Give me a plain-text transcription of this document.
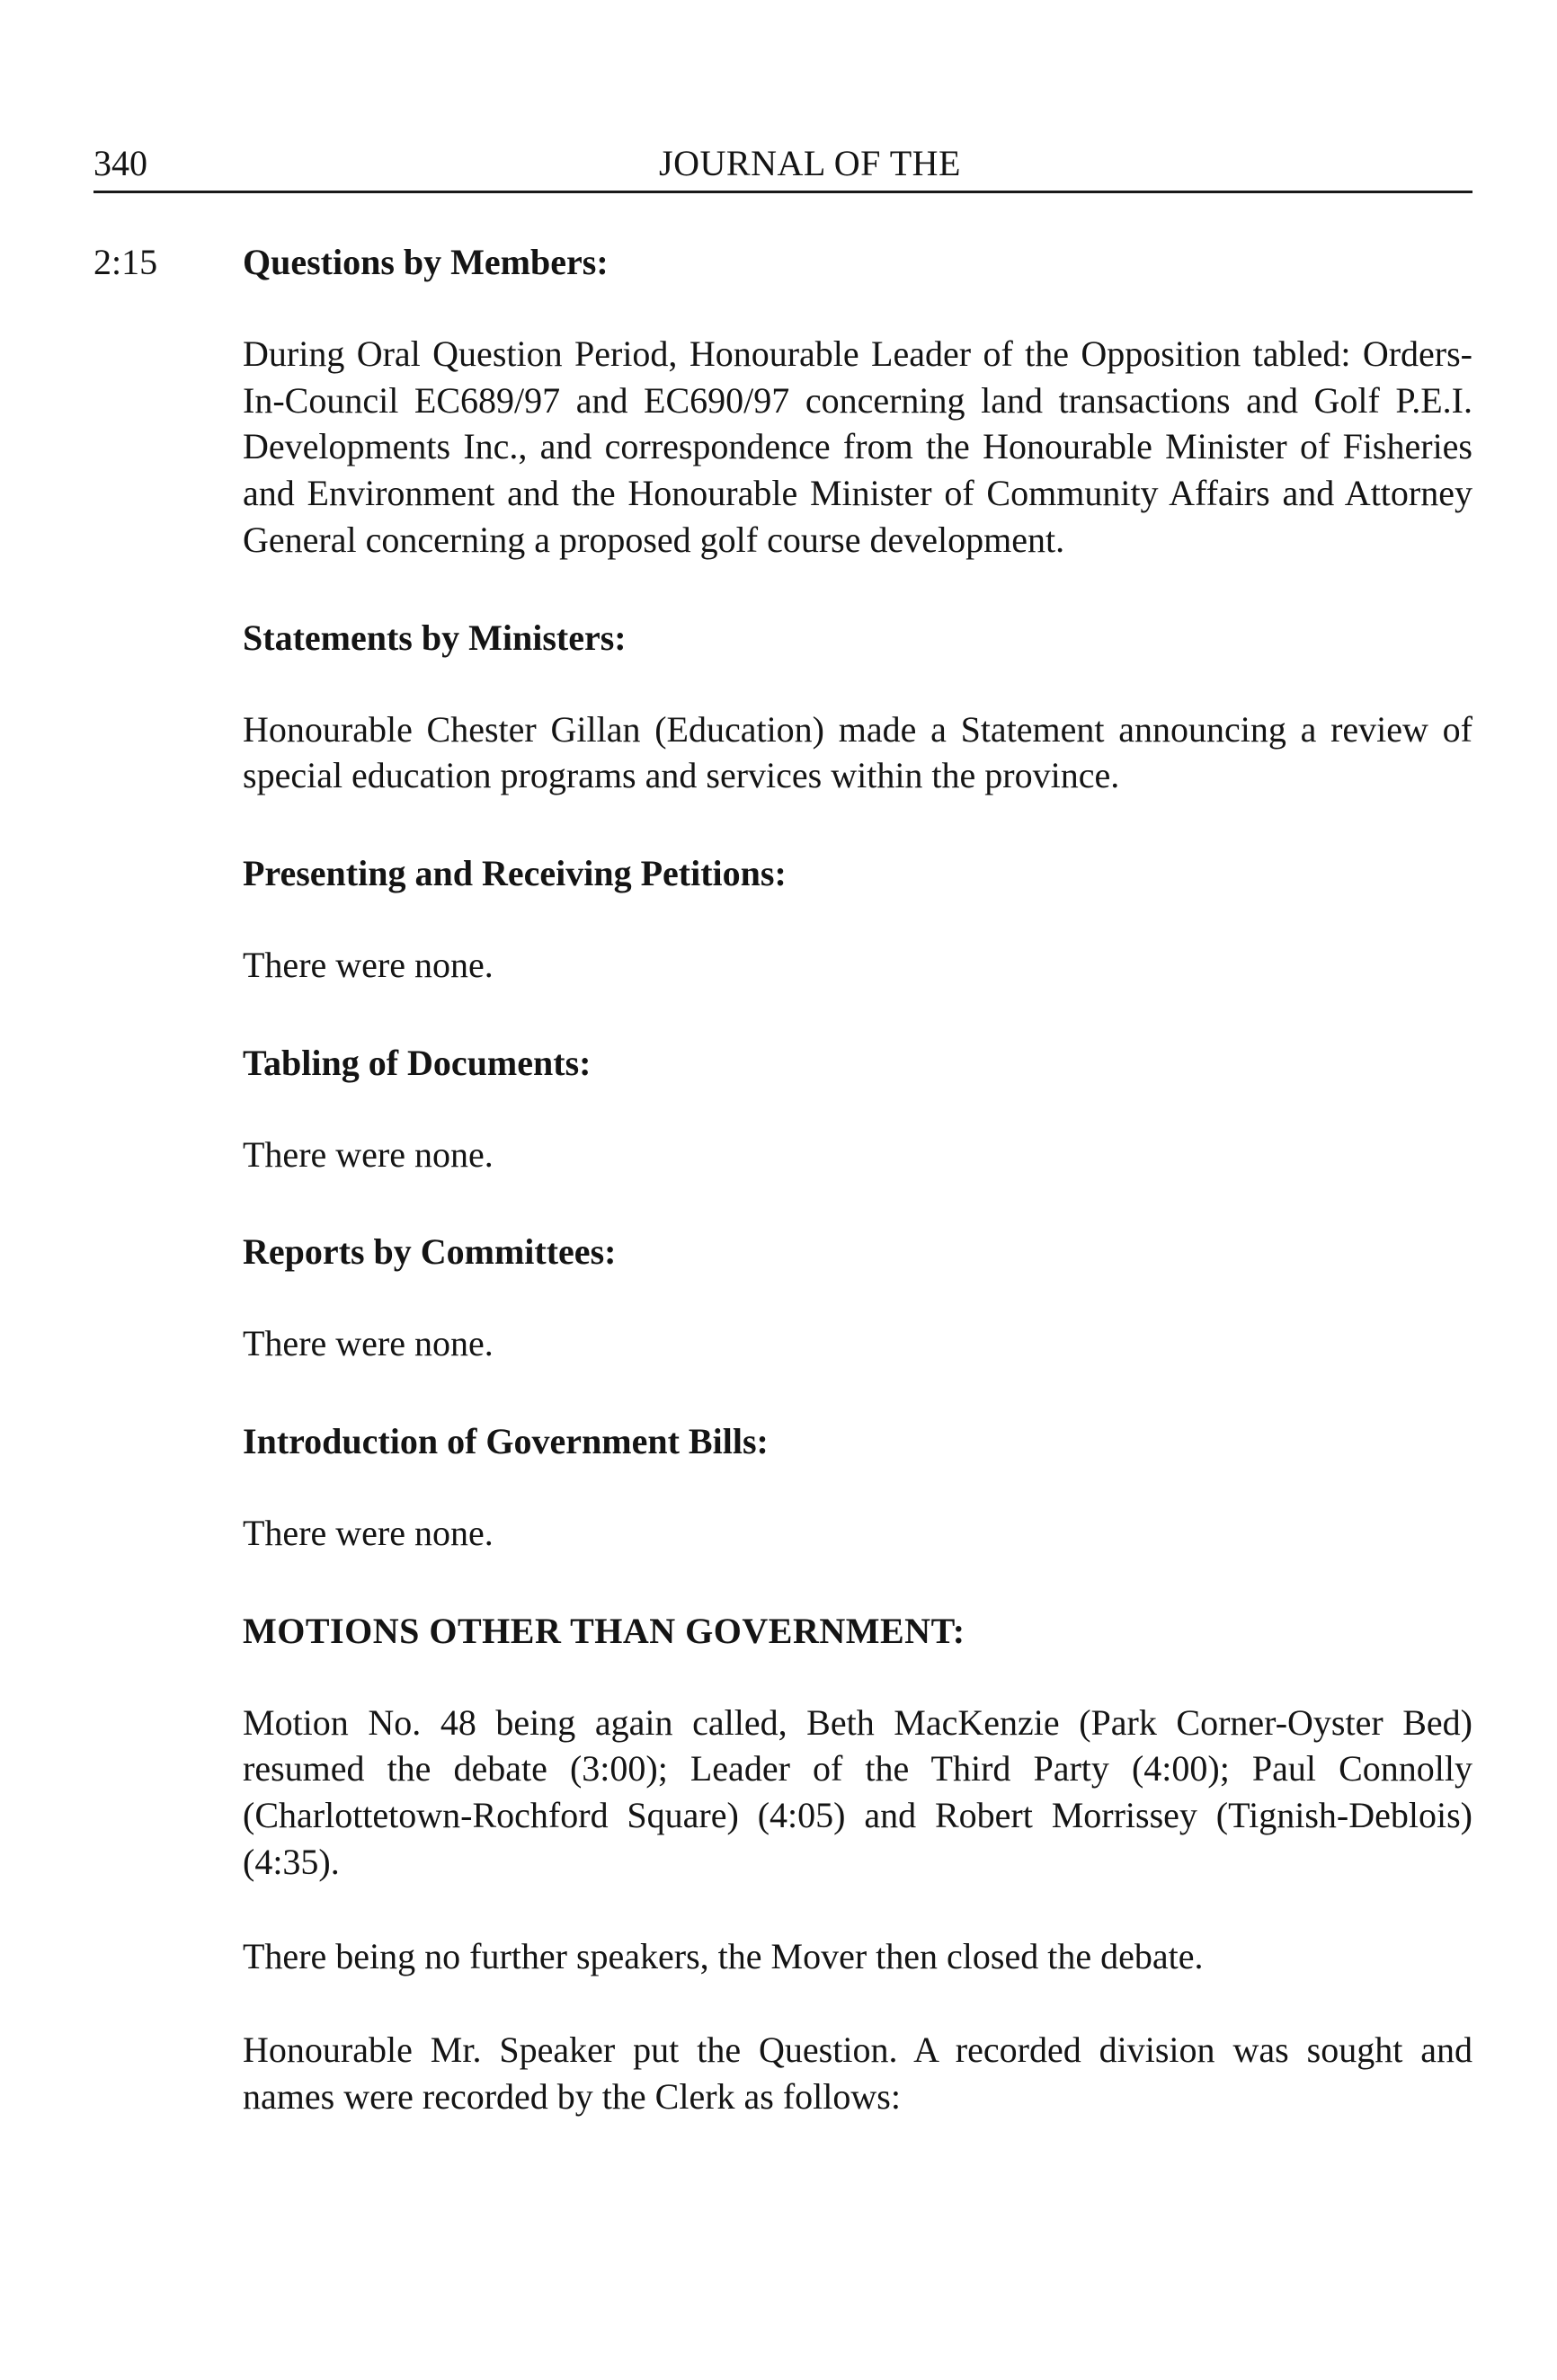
340	JOURNAL OF THE
2:15 Questions by Members:

During Oral Question Period, Honourable Leader of the Opposition tabled: Orders-In-Council EC689/97 and EC690/97 concerning land transactions and Golf P.E.I. Developments Inc., and correspondence from the Honourable Minister of Fisheries and Environment and the Honourable Minister of Community Affairs and Attorney General concerning a proposed golf course development.

Statements by Ministers:

Honourable Chester Gillan (Education) made a Statement announcing a review of special education programs and services within the province.

Presenting and Receiving Petitions:

There were none.

Tabling of Documents:

There were none.

Reports by Committees:

There were none.

Introduction of Government Bills:

There were none.

MOTIONS OTHER THAN GOVERNMENT:

Motion No. 48 being again called, Beth MacKenzie (Park Corner-Oyster Bed) resumed the debate (3:00); Leader of the Third Party (4:00); Paul Connolly (Charlottetown-Rochford Square) (4:05) and Robert Morrissey (Tignish-Deblois) (4:35).

There being no further speakers, the Mover then closed the debate.

Honourable Mr. Speaker put the Question. A recorded division was sought and names were recorded by the Clerk as follows:
